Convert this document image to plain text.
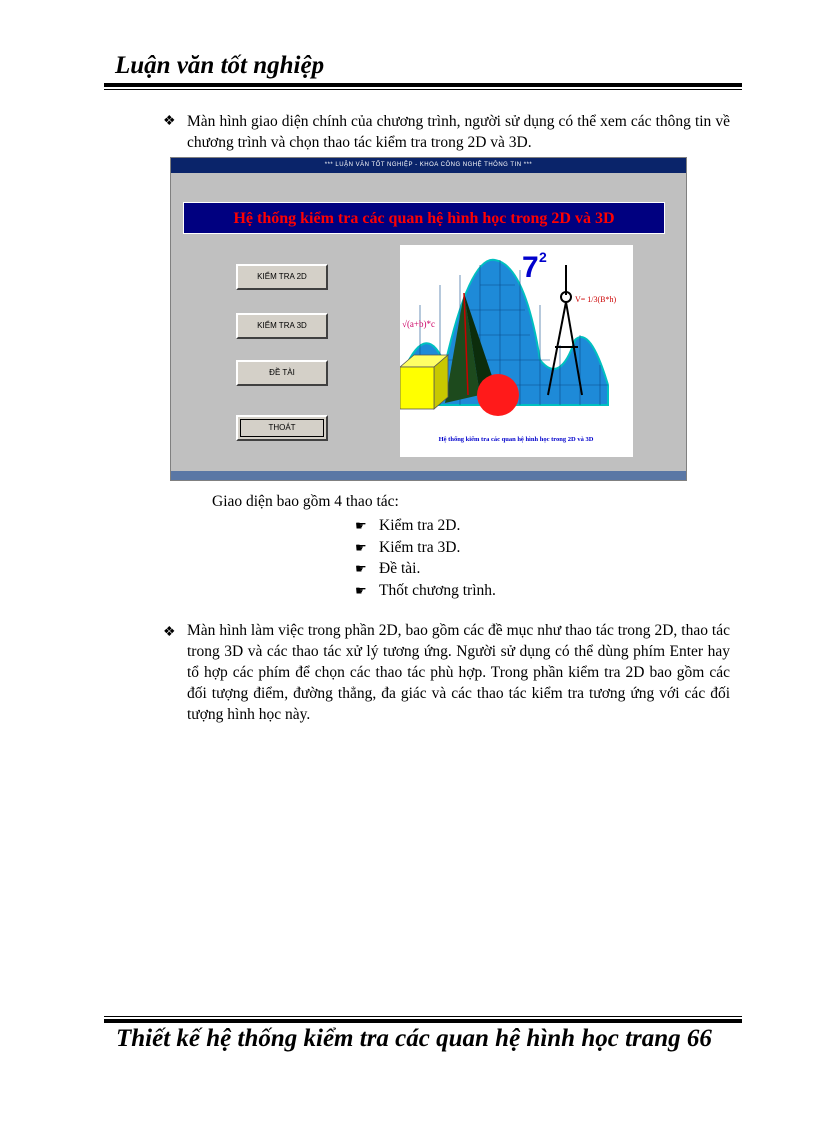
Luận văn tốt nghiệp
❖ Màn hình giao diện chính của chương trình, người sử dụng có thể xem các thông tin về chương trình và chọn thao tác kiểm tra trong 2D và 3D.

*** LUẬN VĂN TỐT NGHIỆP - KHOA CÔNG NGHỆ THÔNG TIN ***
Hệ thống kiểm tra các quan hệ hình học trong 2D và 3D
KIỂM TRA 2D
KIỂM TRA 3D
ĐỀ TÀI
THOÁT
7 2
√(a+b)*c
V= 1/3(B*h)
Hệ thống kiểm tra các quan hệ hình học trong 2D và 3D
Giao diện bao gồm 4 thao tác:
☛ Kiểm tra 2D.
☛ Kiểm tra 3D.
☛ Đề tài.
☛ Thốt chương trình.
❖ Màn hình làm việc trong phần 2D, bao gồm các đề mục như thao tác trong 2D, thao tác trong 3D và các thao tác xử lý tương ứng. Người sử dụng có thể dùng phím Enter hay tổ hợp các phím để chọn các thao tác phù hợp. Trong phần kiểm tra 2D bao gồm các đối tượng điểm, đường thẳng, đa giác và các thao tác kiểm tra tương ứng với các đối tượng hình học này.

Thiết kế hệ thống kiểm tra các quan hệ hình học trang 66
